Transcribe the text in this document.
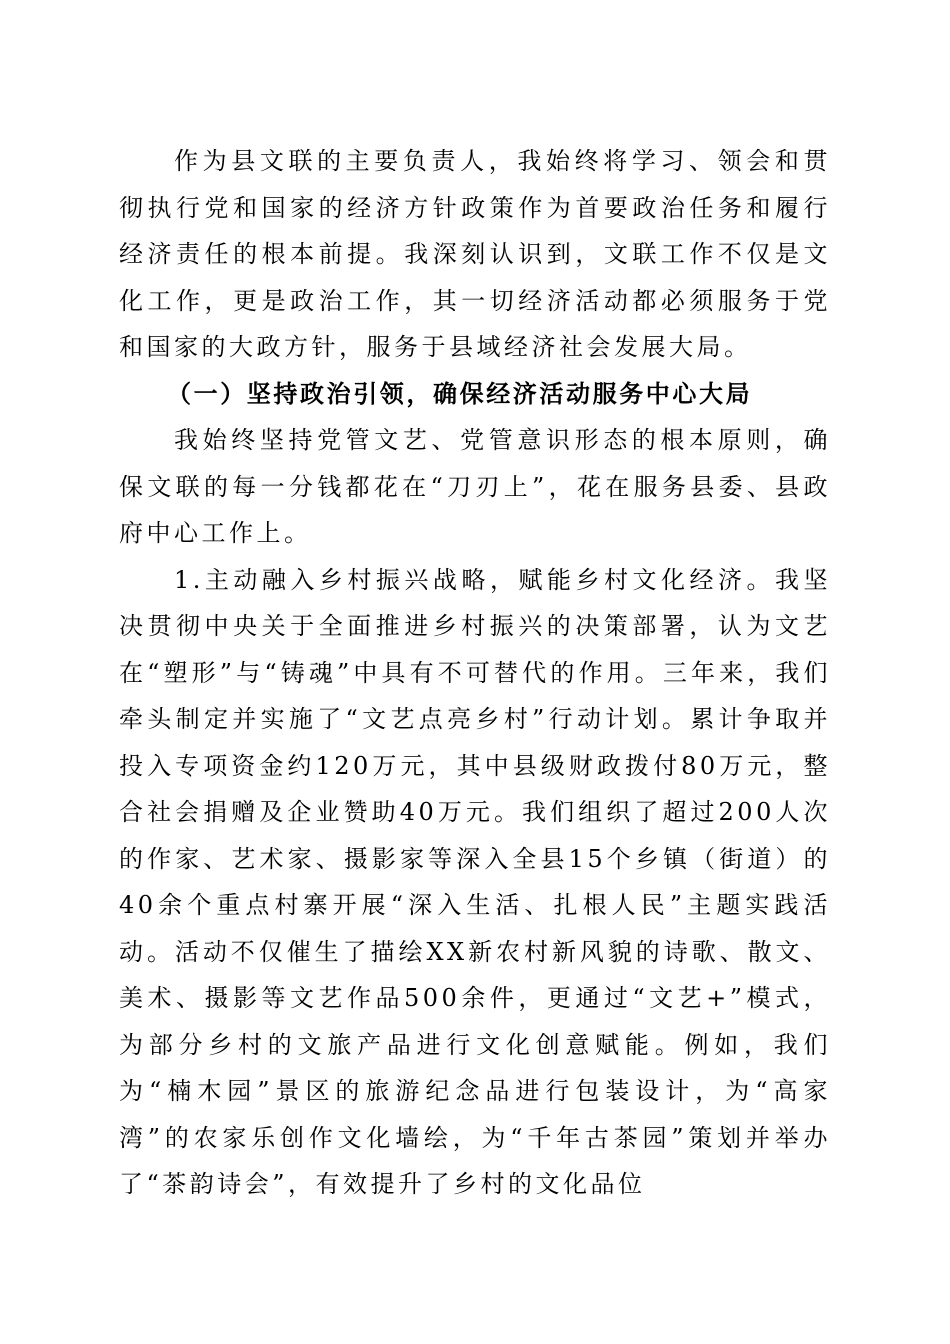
作为县文联的主要负责人，我始终将学习、领会和贯彻执行党和国家的经济方针政策作为首要政治任务和履行经济责任的根本前提。我深刻认识到，文联工作不仅是文化工作，更是政治工作，其一切经济活动都必须服务于党和国家的大政方针，服务于县域经济社会发展大局。

（一）坚持政治引领，确保经济活动服务中心大局

我始终坚持党管文艺、党管意识形态的根本原则，确保文联的每一分钱都花在“刀刃上”，花在服务县委、县政府中心工作上。

1.主动融入乡村振兴战略，赋能乡村文化经济。我坚决贯彻中央关于全面推进乡村振兴的决策部署，认为文艺在“塑形”与“铸魂”中具有不可替代的作用。三年来，我们牵头制定并实施了“文艺点亮乡村”行动计划。累计争取并投入专项资金约120万元，其中县级财政拨付80万元，整合社会捐赠及企业赞助40万元。我们组织了超过200人次的作家、艺术家、摄影家等深入全县15个乡镇（街道）的40余个重点村寨开展“深入生活、扎根人民”主题实践活动。活动不仅催生了描绘XX新农村新风貌的诗歌、散文、美术、摄影等文艺作品500余件，更通过“文艺+”模式，为部分乡村的文旅产品进行文化创意赋能。例如，我们为“楠木园”景区的旅游纪念品进行包装设计，为“高家湾”的农家乐创作文化墙绘，为“千年古茶园”策划并举办了“茶韵诗会”，有效提升了乡村的文化品位
